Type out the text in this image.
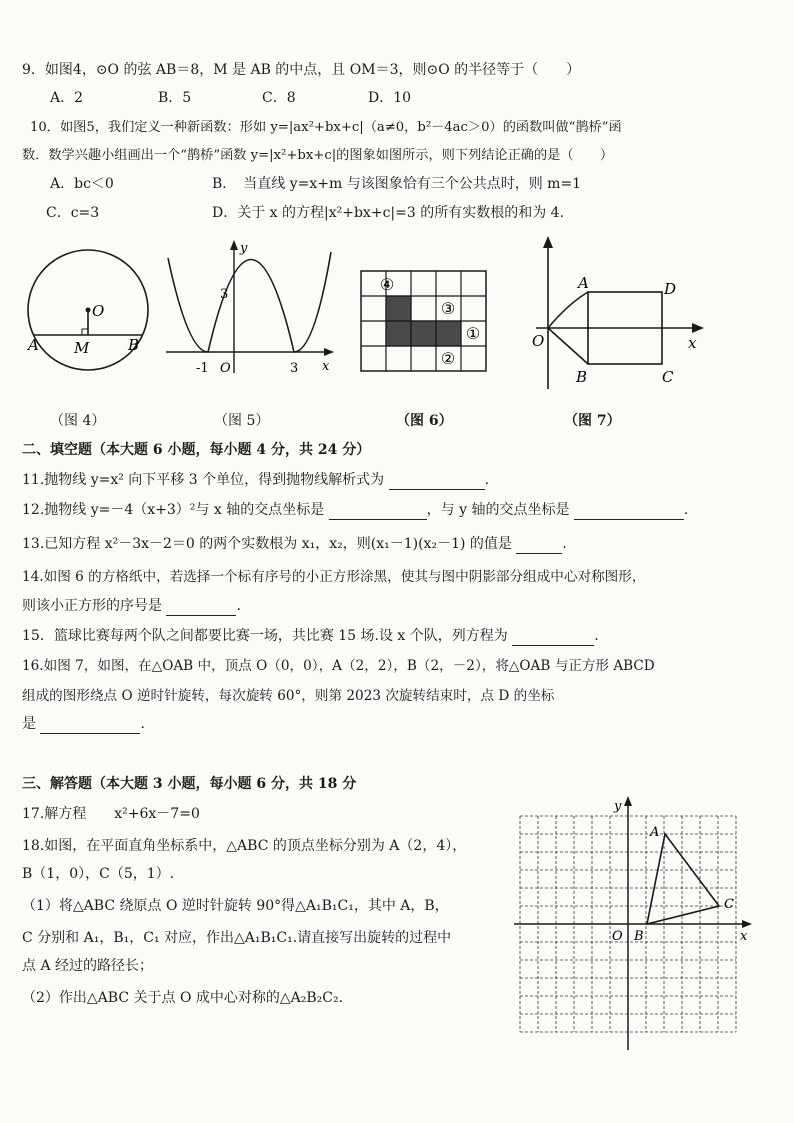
9．如图4，⊙O 的弦 AB＝8，M 是 AB 的中点，且 OM＝3，则⊙O 的半径等于（　　）
A．2	B．5	C．8	D．10
10．如图5，我们定义一种新函数：形如 y=|ax²+bx+c|（a≠0，b²－4ac＞0）的函数叫做“鹊桥”函
数．数学兴趣小组画出一个“鹊桥”函数 y=|x²+bx+c|的图象如图所示，则下列结论正确的是（　　）
A．bc＜0	B．　当直线 y=x+m 与该图象恰有三个公共点时，则 m=1
C．c=3	D．关于 x 的方程|x²+bx+c|=3 的所有实数根的和为 4.
O
A M	B
（图 4）
y
3
-1 O	3 x
（图 5）
④
③
①
②
（图 6）
A	D
O	x
B	C
（图 7）
二、填空题（本大题 6 小题，每小题 4 分，共 24 分）
11.抛物线 y=x² 向下平移 3 个单位，得到抛物线解析式为	.
12.抛物线 y=－4（x+3）²与 x 轴的交点坐标是	，与 y 轴的交点坐标是	.
13.已知方程 x²－3x－2＝0 的两个实数根为 x₁，x₂，则(x₁－1)(x₂－1) 的值是	.
14.如图 6 的方格纸中，若选择一个标有序号的小正方形涂黑，使其与图中阴影部分组成中心对称图形，
则该小正方形的序号是	.
15．篮球比赛每两个队之间都要比赛一场，共比赛 15 场.设 x 个队，列方程为	.
16.如图 7，如图，在△OAB 中，顶点 O（0，0），A（2，2），B（2，－2），将△OAB 与正方形 ABCD
组成的图形绕点 O 逆时针旋转，每次旋转 60°，则第 2023 次旋转结束时，点 D 的坐标
是	.
三、解答题（本大题 3 小题，每小题 6 分，共 18 分
17.解方程　　x²+6x－7=0
18.如图，在平面直角坐标系中，△ABC 的顶点坐标分别为 A（2，4），
B（1，0），C（5，1）.
（1）将△ABC 绕原点 O 逆时针旋转 90°得△A₁B₁C₁，其中 A，B，
C 分别和 A₁，B₁，C₁ 对应，作出△A₁B₁C₁.请直接写出旋转的过程中
点 A 经过的路径长；
（2）作出△ABC 关于点 O 成中心对称的△A₂B₂C₂.
y
A
C
O B	x
